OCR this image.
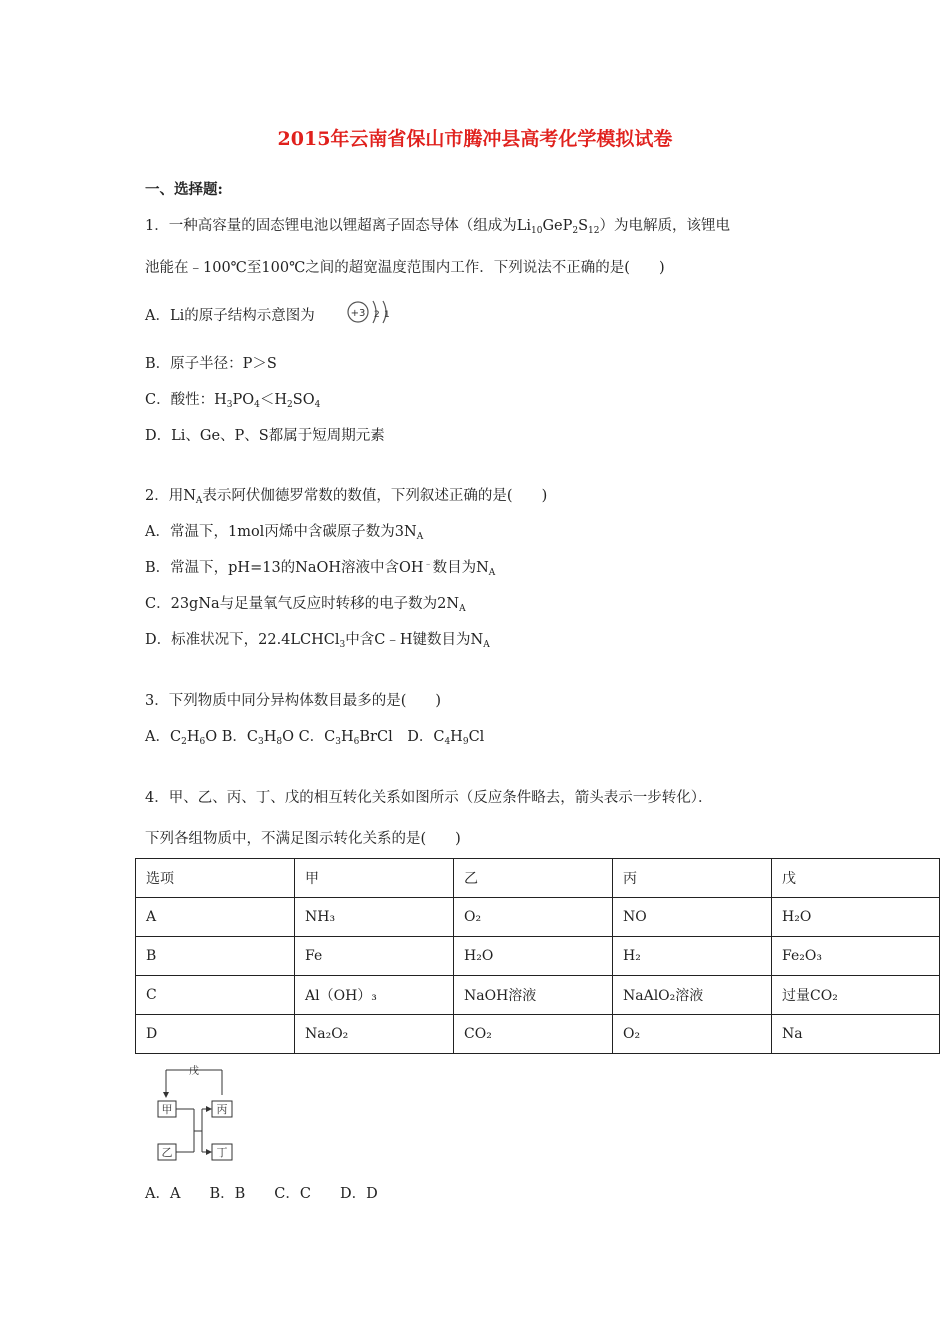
2015年云南省保山市腾冲县高考化学模拟试卷
一、选择题:
1．一种高容量的固态锂电池以锂超离子固态导体（组成为$Li_{10}GeP_2S_{12}$）为电解质，该锂电
池能在﹣100℃至100℃之间的超宽温度范围内工作．下列说法不正确的是(　　)
A．Li的原子结构示意图为	+3 2 1
B．原子半径：P＞S
C．酸性：$H_3PO_4<H_2SO_4$
D．Li、Ge、P、S都属于短周期元素
2．用$N_A$表示阿伏伽德罗常数的数值，下列叙述正确的是(　　)
A．常温下，1mol丙烯中含碳原子数为$3N_A$
B．常温下，pH=13的NaOH溶液中含OH﹣数目为$N_A$
C．23gNa与足量氧气反应时转移的电子数为$2N_A$
D．标准状况下，22.4LCHCl$_3$中含C﹣H键数目为$N_A$
3．下列物质中同分异构体数目最多的是(　　)
A．$C_2H_6O$ B．$C_3H_8O$ C．$C_3H_6BrCl$　D．$C_4H_9Cl$
4．甲、乙、丙、丁、戊的相互转化关系如图所示（反应条件略去，箭头表示一步转化）．
下列各组物质中，不满足图示转化关系的是(　　)
选项	甲	乙	丙	戊
A	NH₃	O₂	NO	H₂O
B	Fe	H₂O	H₂	Fe₂O₃
C	Al（OH）₃	NaOH溶液	NaAlO₂溶液	过量CO₂
D	Na₂O₂	CO₂	O₂	Na
戊
甲	丙
乙	丁
A．A　　B．B　　C．C　　D．D
